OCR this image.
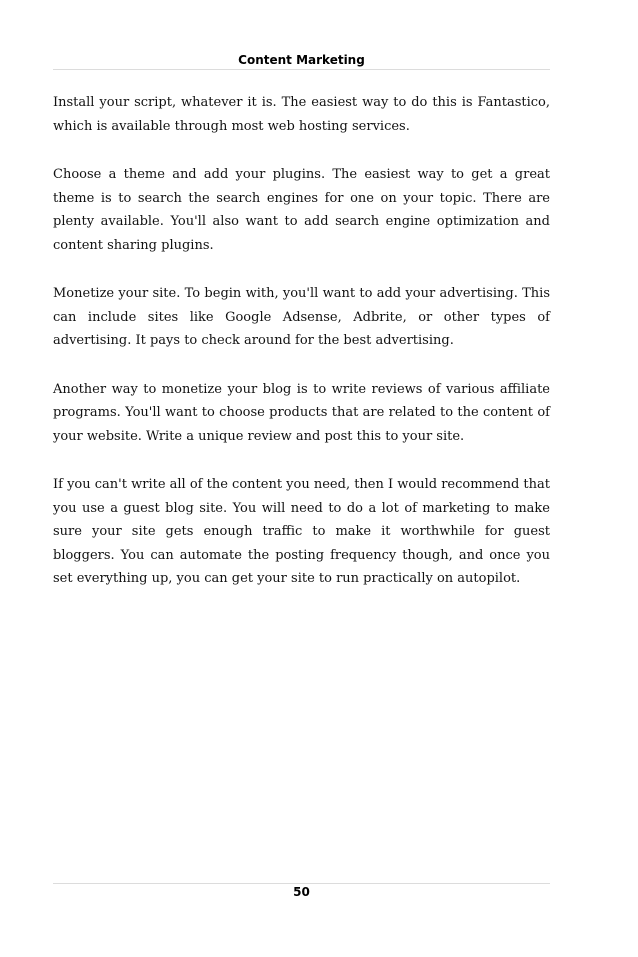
Content Marketing

Install your script, whatever it is. The easiest way to do this is Fantastico, which is available through most web hosting services.

Choose a theme and add your plugins. The easiest way to get a great theme is to search the search engines for one on your topic. There are plenty available. You'll also want to add search engine optimization and content sharing plugins.

Monetize your site. To begin with, you'll want to add your advertising. This can include sites like Google Adsense, Adbrite, or other types of advertising. It pays to check around for the best advertising.

Another way to monetize your blog is to write reviews of various affiliate programs. You'll want to choose products that are related to the content of your website. Write a unique review and post this to your site.

If you can't write all of the content you need, then I would recommend that you use a guest blog site. You will need to do a lot of marketing to make sure your site gets enough traffic to make it worthwhile for guest bloggers. You can automate the posting frequency though, and once you set everything up, you can get your site to run practically on autopilot.

50
